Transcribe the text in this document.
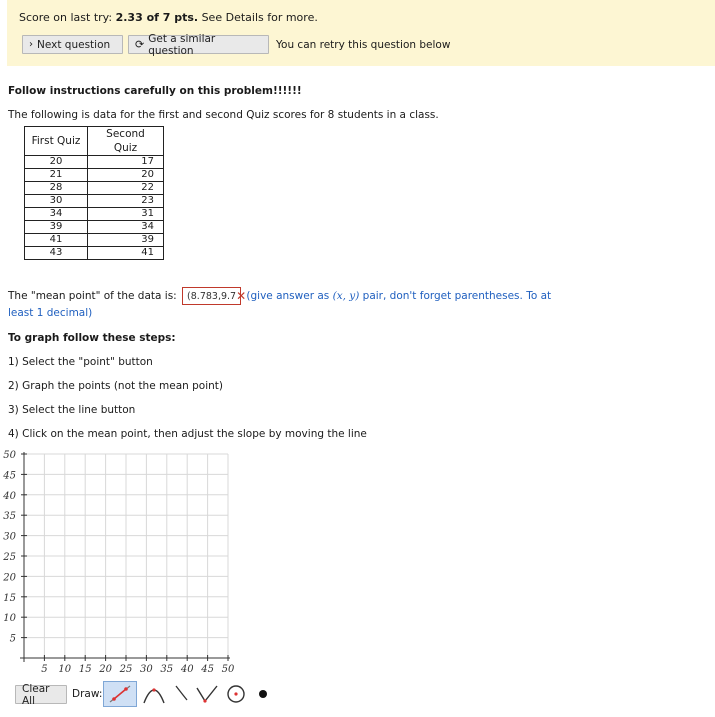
Score on last try: 2.33 of 7 pts. See Details for more.
› Next question ⟳ Get a similar question	You can retry this question below
Follow instructions carefully on this problem!!!!!!
The following is data for the first and second Quiz scores for 8 students in a class.
First Quiz	Second Quiz
20	17
21	20
28	22
30	23
34	31
39	34
41	39
43	41
The "mean point" of the data is: (8.783,9.7 ✕ (give answer as (x, y) pair, don't forget parentheses. To at
least 1 decimal)
To graph follow these steps:
1) Select the "point" button
2) Graph the points (not the mean point)
3) Select the line button
4) Click on the mean point, then adjust the slope by moving the line
5 10 15 20 25 30 35 40 45 50
50
45
40
35
30
25
20
15
10
5
Clear All
Draw:
